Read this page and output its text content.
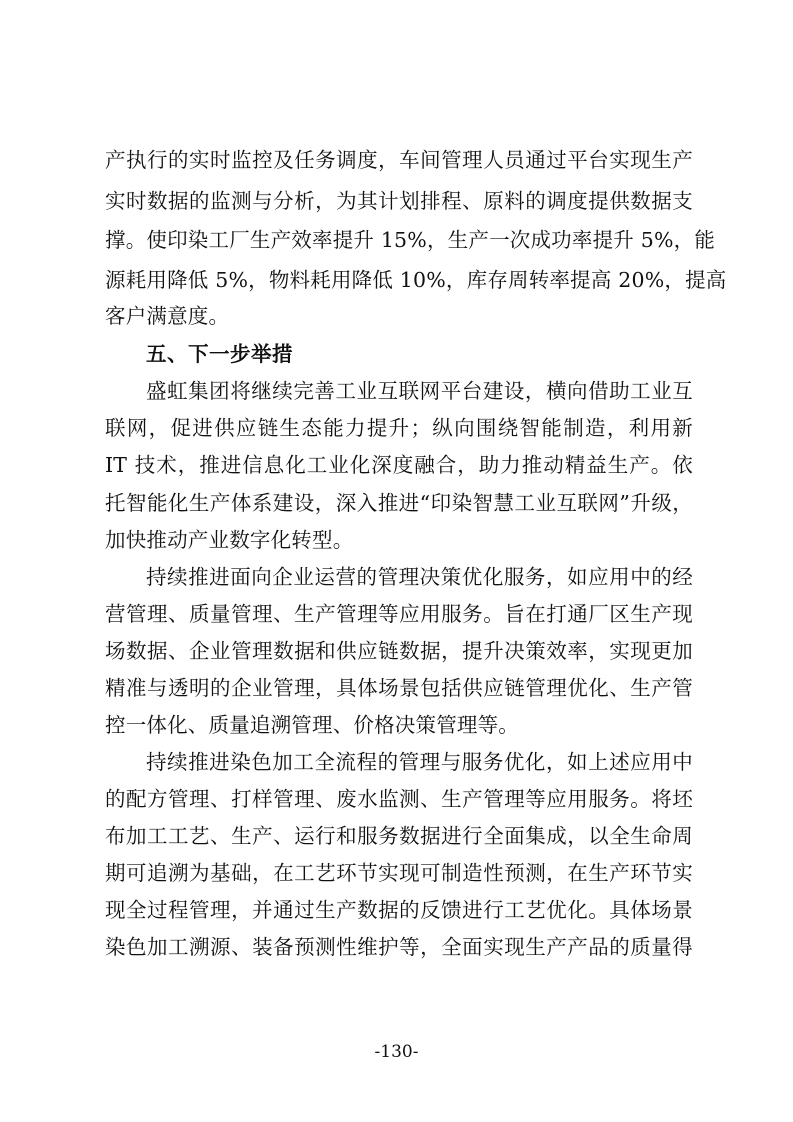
产执行的实时监控及任务调度，车间管理人员通过平台实现生产
实时数据的监测与分析，为其计划排程、原料的调度提供数据支
撑。使印染工厂生产效率提升 15%，生产一次成功率提升 5%，能
源耗用降低 5%，物料耗用降低 10%，库存周转率提高 20%，提高
客户满意度。
五、下一步举措
盛虹集团将继续完善工业互联网平台建设，横向借助工业互
联网，促进供应链生态能力提升；纵向围绕智能制造，利用新
IT 技术，推进信息化工业化深度融合，助力推动精益生产。依
托智能化生产体系建设，深入推进“印染智慧工业互联网”升级，
加快推动产业数字化转型。
持续推进面向企业运营的管理决策优化服务，如应用中的经
营管理、质量管理、生产管理等应用服务。旨在打通厂区生产现
场数据、企业管理数据和供应链数据，提升决策效率，实现更加
精准与透明的企业管理，具体场景包括供应链管理优化、生产管
控一体化、质量追溯管理、价格决策管理等。
持续推进染色加工全流程的管理与服务优化，如上述应用中
的配方管理、打样管理、废水监测、生产管理等应用服务。将坯
布加工工艺、生产、运行和服务数据进行全面集成，以全生命周
期可追溯为基础，在工艺环节实现可制造性预测，在生产环节实
现全过程管理，并通过生产数据的反馈进行工艺优化。具体场景
染色加工溯源、装备预测性维护等，全面实现生产产品的质量得
-130-
